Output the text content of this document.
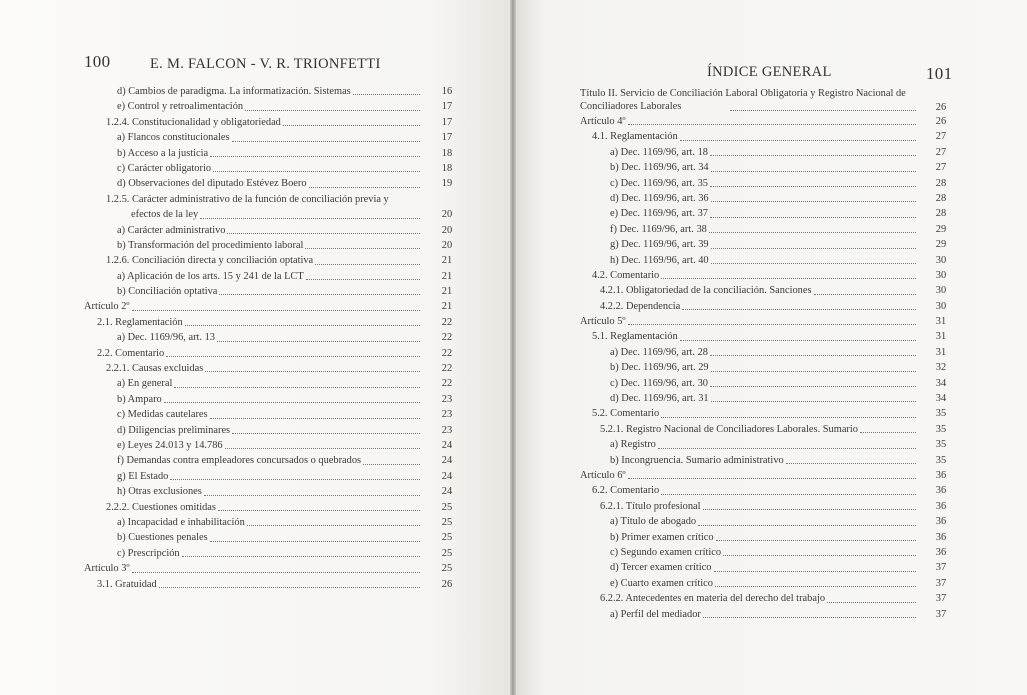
100	E. M. FALCON - V. R. TRIONFETTI	ÍNDICE GENERAL	101
d) Cambios de paradigma. La informatización. Sistemas	16
e) Control y retroalimentación	17
1.2.4. Constitucionalidad y obligatoriedad	17
a) Flancos constitucionales	17
b) Acceso a la justicia	18
c) Carácter obligatorio	18
d) Observaciones del diputado Estévez Boero	19
1.2.5. Carácter administrativo de la función de conciliación previa y
efectos de la ley	20
a) Carácter administrativo	20
b) Transformación del procedimiento laboral	20
1.2.6. Conciliación directa y conciliación optativa	21
a) Aplicación de los arts. 15 y 241 de la LCT	21
b) Conciliación optativa	21
Artículo 2º	21
2.1. Reglamentación	22
a) Dec. 1169/96, art. 13	22
2.2. Comentario	22
2.2.1. Causas excluidas	22
a) En general	22
b) Amparo	23
c) Medidas cautelares	23
d) Diligencias preliminares	23
e) Leyes 24.013 y 14.786	24
f) Demandas contra empleadores concursados o quebrados	24
g) El Estado	24
h) Otras exclusiones	24
2.2.2. Cuestiones omitidas	25
a) Incapacidad e inhabilitación	25
b) Cuestiones penales	25
c) Prescripción	25
Artículo 3º	25
3.1. Gratuidad	26
Título II. Servicio de Conciliación Laboral Obligatoria y Registro Nacional de Conciliadores Laborales	26
Artículo 4º	26
4.1. Reglamentación	27
a) Dec. 1169/96, art. 18	27
b) Dec. 1169/96, art. 34	27
c) Dec. 1169/96, art. 35	28
d) Dec. 1169/96, art. 36	28
e) Dec. 1169/96, art. 37	28
f) Dec. 1169/96, art. 38	29
g) Dec. 1169/96, art. 39	29
h) Dec. 1169/96, art. 40	30
4.2. Comentario	30
4.2.1. Obligatoriedad de la conciliación. Sanciones	30
4.2.2. Dependencia	30
Artículo 5º	31
5.1. Reglamentación	31
a) Dec. 1169/96, art. 28	31
b) Dec. 1169/96, art. 29	32
c) Dec. 1169/96, art. 30	34
d) Dec. 1169/96, art. 31	34
5.2. Comentario	35
5.2.1. Registro Nacional de Conciliadores Laborales. Sumario	35
a) Registro	35
b) Incongruencia. Sumario administrativo	35
Artículo 6º	36
6.2. Comentario	36
6.2.1. Título profesional	36
a) Título de abogado	36
b) Primer examen crítico	36
c) Segundo examen crítico	36
d) Tercer examen crítico	37
e) Cuarto examen crítico	37
6.2.2. Antecedentes en materia del derecho del trabajo	37
a) Perfil del mediador	37
